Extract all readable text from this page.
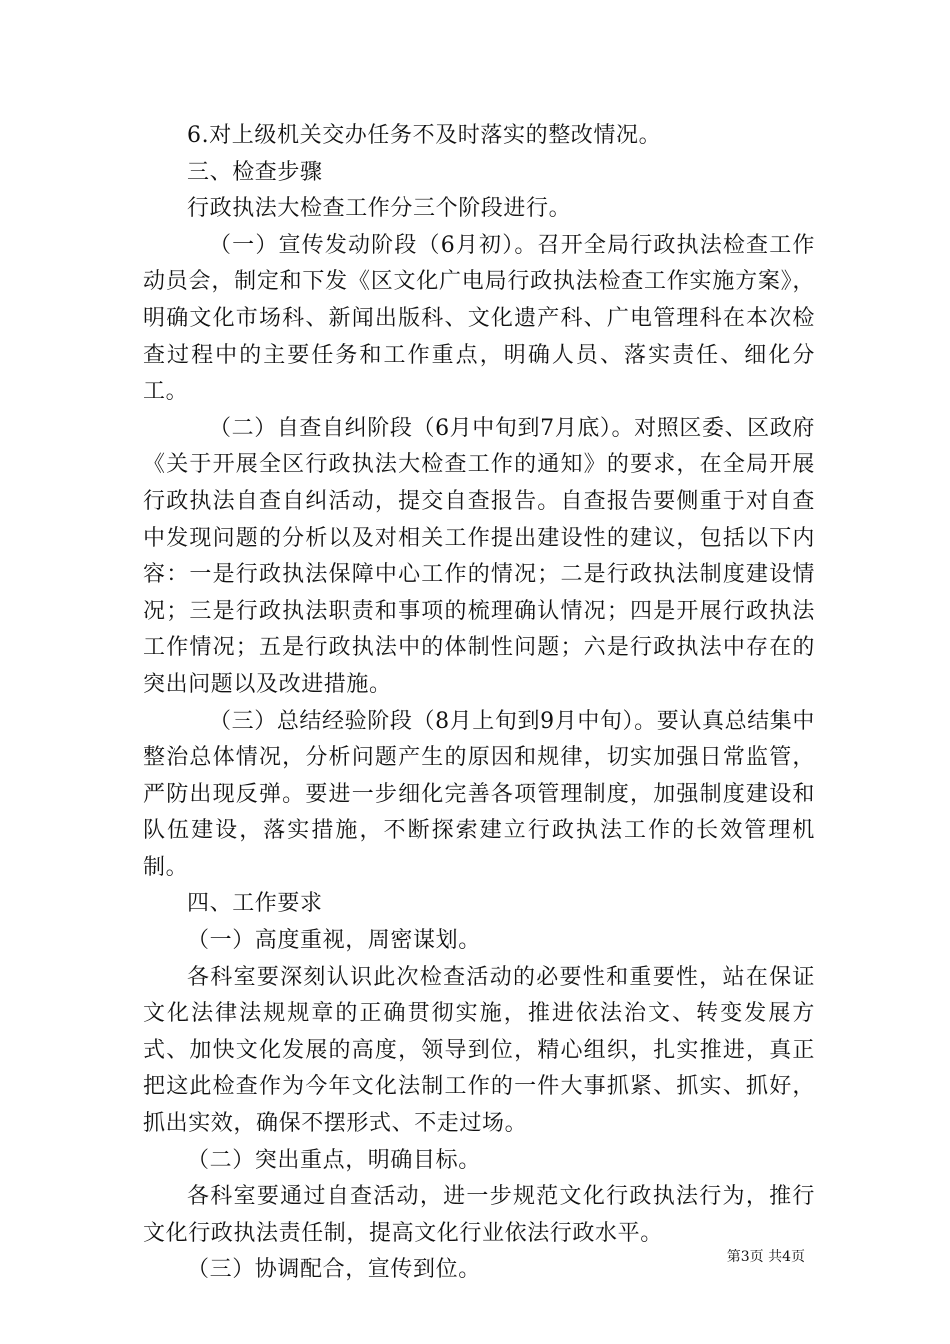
6.对上级机关交办任务不及时落实的整改情况。

三、检查步骤

行政执法大检查工作分三个阶段进行。

（一）宣传发动阶段（6月初）。召开全局行政执法检查工作动员会，制定和下发《区文化广电局行政执法检查工作实施方案》，明确文化市场科、新闻出版科、文化遗产科、广电管理科在本次检查过程中的主要任务和工作重点，明确人员、落实责任、细化分工。

（二）自查自纠阶段（6月中旬到7月底）。对照区委、区政府《关于开展全区行政执法大检查工作的通知》的要求，在全局开展行政执法自查自纠活动，提交自查报告。自查报告要侧重于对自查中发现问题的分析以及对相关工作提出建设性的建议，包括以下内容：一是行政执法保障中心工作的情况；二是行政执法制度建设情况；三是行政执法职责和事项的梳理确认情况；四是开展行政执法工作情况；五是行政执法中的体制性问题；六是行政执法中存在的突出问题以及改进措施。

（三）总结经验阶段（8月上旬到9月中旬）。要认真总结集中整治总体情况，分析问题产生的原因和规律，切实加强日常监管，严防出现反弹。要进一步细化完善各项管理制度，加强制度建设和队伍建设，落实措施，不断探索建立行政执法工作的长效管理机制。

四、工作要求

（一）高度重视，周密谋划。

各科室要深刻认识此次检查活动的必要性和重要性，站在保证文化法律法规规章的正确贯彻实施，推进依法治文、转变发展方式、加快文化发展的高度，领导到位，精心组织，扎实推进，真正把这此检查作为今年文化法制工作的一件大事抓紧、抓实、抓好，抓出实效，确保不摆形式、不走过场。

（二）突出重点，明确目标。

各科室要通过自查活动，进一步规范文化行政执法行为，推行文化行政执法责任制，提高文化行业依法行政水平。

（三）协调配合，宣传到位。

第3页 共4页
